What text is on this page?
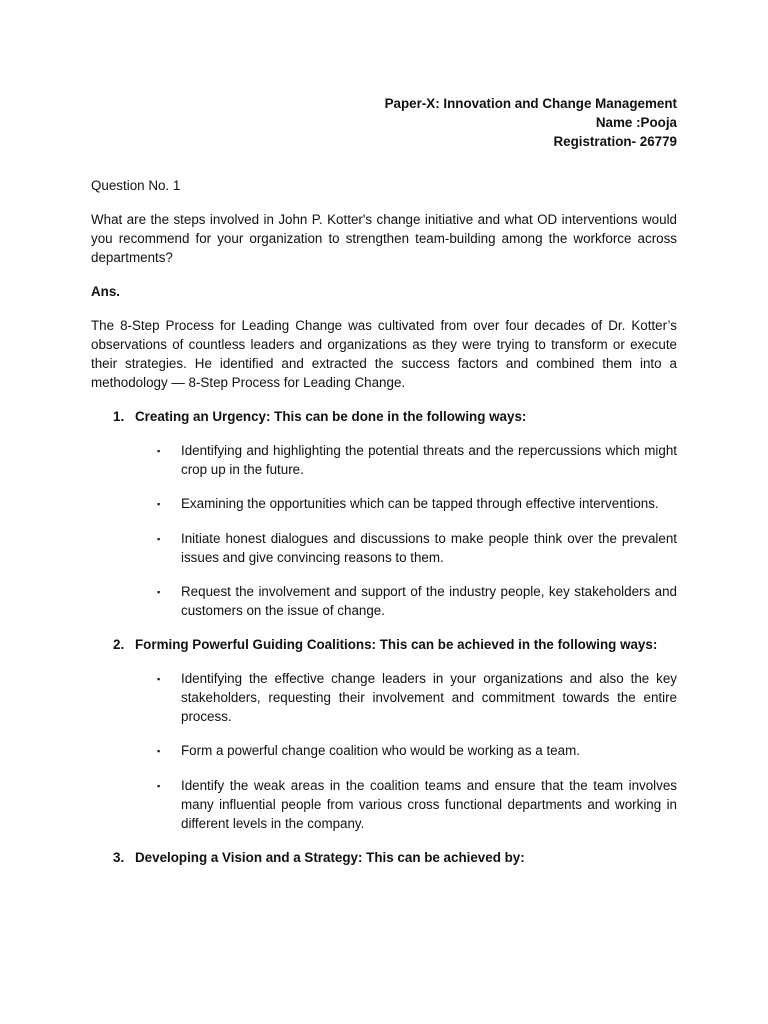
Paper-X: Innovation and Change Management
Name :Pooja
Registration- 26779

Question No. 1

What are the steps involved in John P. Kotter's change initiative and what OD interventions would you recommend for your organization to strengthen team-building among the workforce across departments?

Ans.

The 8-Step Process for Leading Change was cultivated from over four decades of Dr. Kotter’s observations of countless leaders and organizations as they were trying to transform or execute their strategies. He identified and extracted the success factors and combined them into a methodology — 8-Step Process for Leading Change.

1. Creating an Urgency: This can be done in the following ways:
▪	Identifying and highlighting the potential threats and the repercussions which might crop up in the future.
▪	Examining the opportunities which can be tapped through effective interventions.
▪	Initiate honest dialogues and discussions to make people think over the prevalent issues and give convincing reasons to them.
▪	Request the involvement and support of the industry people, key stakeholders and customers on the issue of change.
2. Forming Powerful Guiding Coalitions: This can be achieved in the following ways:
▪	Identifying the effective change leaders in your organizations and also the key stakeholders, requesting their involvement and commitment towards the entire process.
▪	Form a powerful change coalition who would be working as a team.
▪	Identify the weak areas in the coalition teams and ensure that the team involves many influential people from various cross functional departments and working in different levels in the company.
3. Developing a Vision and a Strategy: This can be achieved by:
